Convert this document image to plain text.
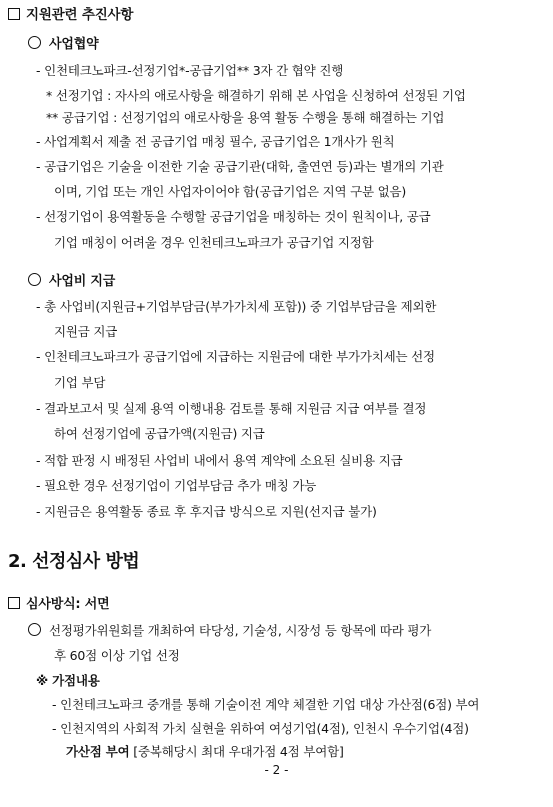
지원관련 추진사항
사업협약
- 인천테크노파크-선정기업*-공급기업** 3자 간 협약 진행
* 선정기업 : 자사의 애로사항을 해결하기 위해 본 사업을 신청하여 선정된 기업
** 공급기업 : 선정기업의 애로사항을 용역 활동 수행을 통해 해결하는 기업
- 사업계획서 제출 전 공급기업 매칭 필수, 공급기업은 1개사가 원칙
- 공급기업은 기술을 이전한 기술 공급기관(대학, 출연연 등)과는 별개의 기관
이며, 기업 또는 개인 사업자이어야 함(공급기업은 지역 구분 없음)
- 선정기업이 용역활동을 수행할 공급기업을 매칭하는 것이 원칙이나, 공급
기업 매칭이 어려울 경우 인천테크노파크가 공급기업 지정함
사업비 지급
- 총 사업비(지원금+기업부담금(부가가치세 포함)) 중 기업부담금을 제외한
지원금 지급
- 인천테크노파크가 공급기업에 지급하는 지원금에 대한 부가가치세는 선정
기업 부담
- 결과보고서 및 실제 용역 이행내용 검토를 통해 지원금 지급 여부를 결정
하여 선정기업에 공급가액(지원금) 지급
- 적합 판정 시 배정된 사업비 내에서 용역 계약에 소요된 실비용 지급
- 필요한 경우 선정기업이 기업부담금 추가 매칭 가능
- 지원금은 용역활동 종료 후 후지급 방식으로 지원(선지급 불가)
2. 선정심사 방법
심사방식: 서면
선정평가위원회를 개최하여 타당성, 기술성, 시장성 등 항목에 따라 평가
후 60점 이상 기업 선정
※ 가점내용
- 인천테크노파크 중개를 통해 기술이전 계약 체결한 기업 대상 가산점(6점) 부여
- 인천지역의 사회적 가치 실현을 위하여 여성기업(4점), 인천시 우수기업(4점)
가산점 부여 [중복해당시 최대 우대가점 4점 부여함]
- 2 -
